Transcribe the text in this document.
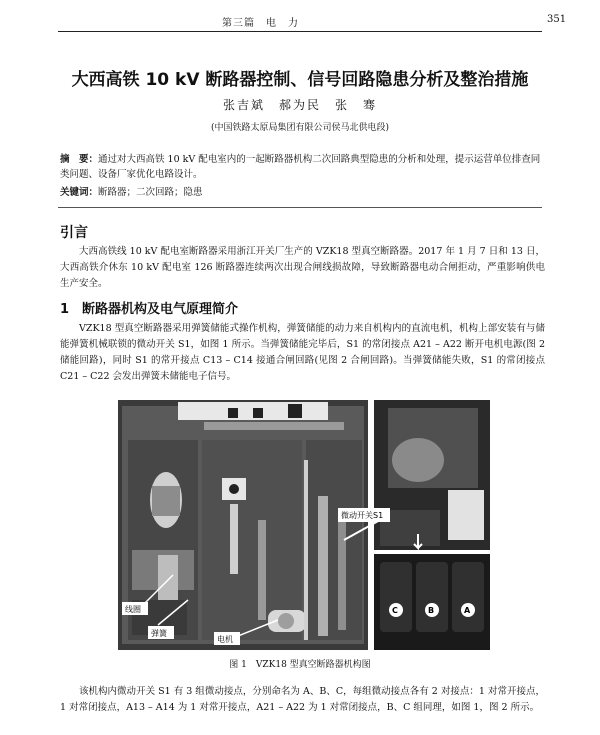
第三篇　电　力	351
大西高铁 10 kV 断路器控制、信号回路隐患分析及整治措施
张吉斌　郝为民　张　骞
(中国铁路太原局集团有限公司侯马北供电段)
摘　要：通过对大西高铁 10 kV 配电室内的一起断路器机构二次回路典型隐患的分析和处理，提示运营单位排查同类问题、设备厂家优化电路设计。
关键词：断路器；二次回路；隐患
引言
大西高铁线 10 kV 配电室断路器采用浙江开关厂生产的 VZK18 型真空断路器。2017 年 1 月 7 日和 13 日，大西高铁介休东 10 kV 配电室 126 断路器连续两次出现合闸线损故障，导致断路器电动合闸拒动，严重影响供电生产安全。
1 断路器机构及电气原理简介
VZK18 型真空断路器采用弹簧储能式操作机构，弹簧储能的动力来自机构内的直流电机，机构上部安装有与储能弹簧机械联锁的微动开关 S1，如图 1 所示。当弹簧储能完毕后，S1 的常闭接点 A21 – A22 断开电机电源(图 2 储能回路)，同时 S1 的常开接点 C13 – C14 接通合闸回路(见图 2 合闸回路)。当弹簧储能失败，S1 的常闭接点 C21 – C22 会发出弹簧未储能电子信号。
微动开关S1
线圈
弹簧
电机
C	B	A
图 1　VZK18 型真空断路器机构图
该机构内微动开关 S1 有 3 组微动接点，分别命名为 A、B、C，每组微动接点各有 2 对接点：1 对常开接点，1 对常闭接点，A13 – A14 为 1 对常开接点，A21 – A22 为 1 对常闭接点，B、C 组同理，如图 1，图 2 所示。
